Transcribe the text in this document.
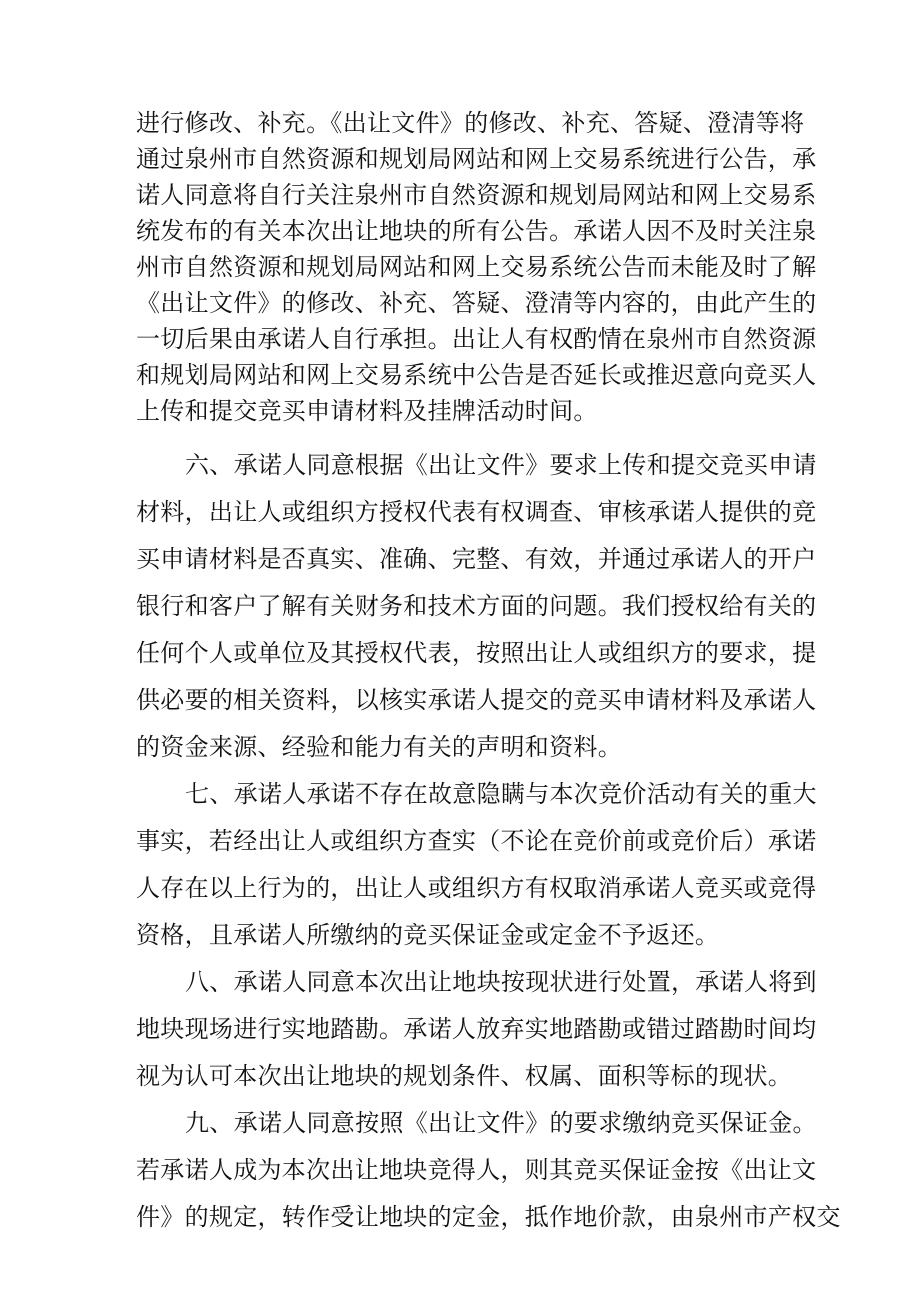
进行修改、补充。《出让文件》的修改、补充、答疑、澄清等将
通过泉州市自然资源和规划局网站和网上交易系统进行公告，承
诺人同意将自行关注泉州市自然资源和规划局网站和网上交易系
统发布的有关本次出让地块的所有公告。承诺人因不及时关注泉
州市自然资源和规划局网站和网上交易系统公告而未能及时了解
《出让文件》的修改、补充、答疑、澄清等内容的，由此产生的
一切后果由承诺人自行承担。出让人有权酌情在泉州市自然资源
和规划局网站和网上交易系统中公告是否延长或推迟意向竞买人
上传和提交竞买申请材料及挂牌活动时间。
六、承诺人同意根据《出让文件》要求上传和提交竞买申请
材料，出让人或组织方授权代表有权调查、审核承诺人提供的竞
买申请材料是否真实、准确、完整、有效，并通过承诺人的开户
银行和客户了解有关财务和技术方面的问题。我们授权给有关的
任何个人或单位及其授权代表，按照出让人或组织方的要求，提
供必要的相关资料，以核实承诺人提交的竞买申请材料及承诺人
的资金来源、经验和能力有关的声明和资料。
七、承诺人承诺不存在故意隐瞒与本次竞价活动有关的重大
事实，若经出让人或组织方查实（不论在竞价前或竞价后）承诺
人存在以上行为的，出让人或组织方有权取消承诺人竞买或竞得
资格，且承诺人所缴纳的竞买保证金或定金不予返还。
八、承诺人同意本次出让地块按现状进行处置，承诺人将到
地块现场进行实地踏勘。承诺人放弃实地踏勘或错过踏勘时间均
视为认可本次出让地块的规划条件、权属、面积等标的现状。
九、承诺人同意按照《出让文件》的要求缴纳竞买保证金。
若承诺人成为本次出让地块竞得人，则其竞买保证金按《出让文
件》的规定，转作受让地块的定金，抵作地价款，由泉州市产权交
